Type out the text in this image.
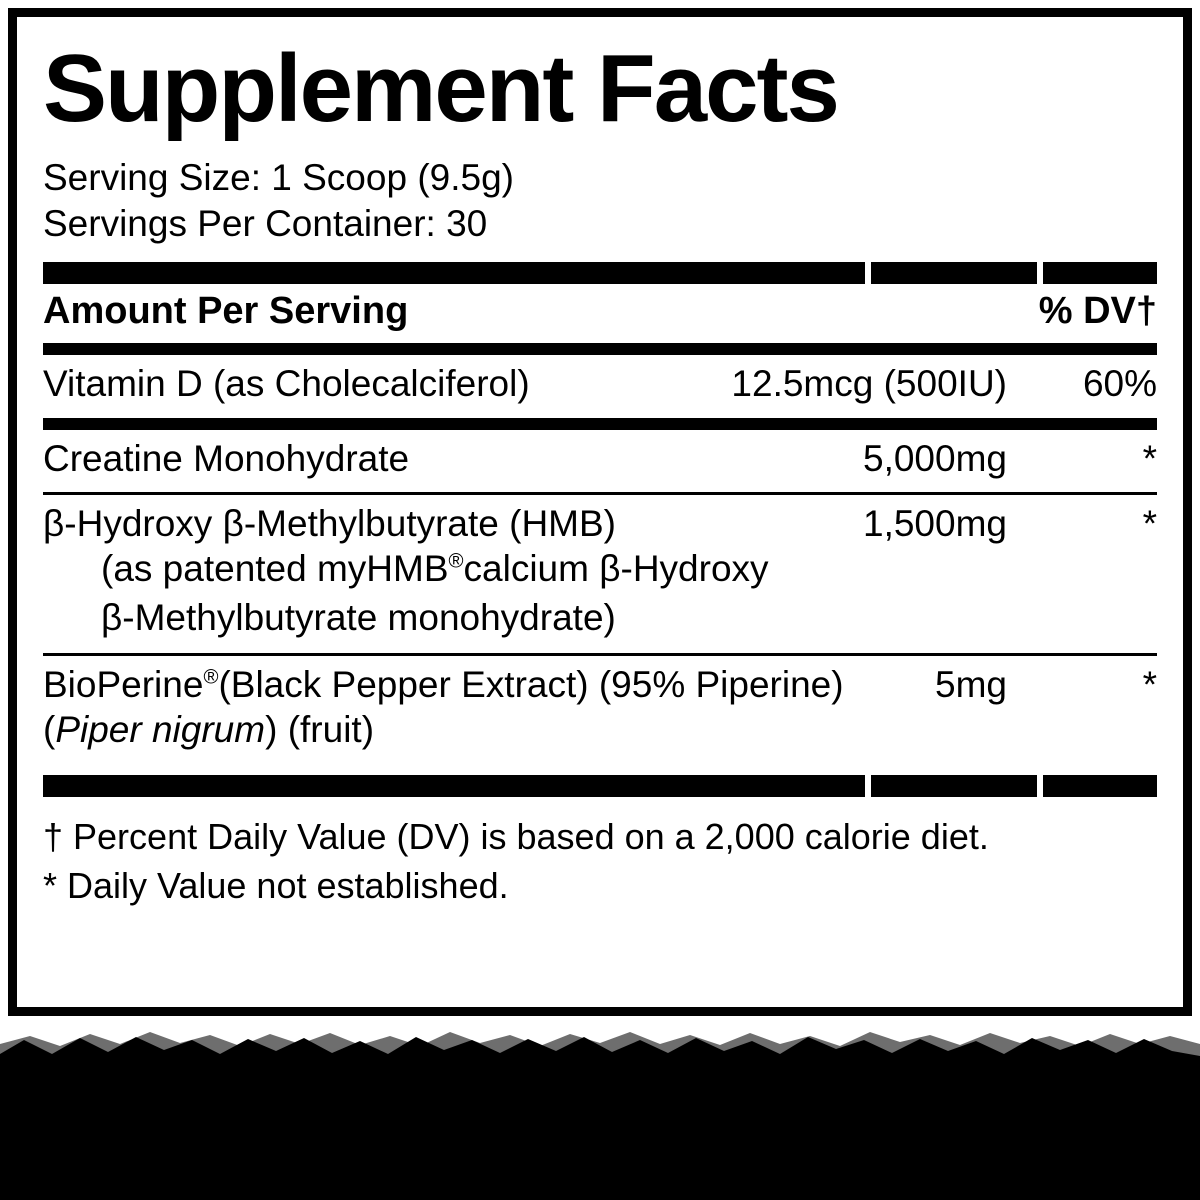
Supplement Facts
Serving Size: 1 Scoop (9.5g)
Servings Per Container: 30
Amount Per Serving	% DV†
Vitamin D (as Cholecalciferol)	12.5mcg (500IU)	60%
Creatine Monohydrate	5,000mg	*
β-Hydroxy β-Methylbutyrate (HMB)	1,500mg	*
(as patented myHMB®calcium β-Hydroxy
β-Methylbutyrate monohydrate)
BioPerine®(Black Pepper Extract) (95% Piperine) 5mg	*
(Piper nigrum) (fruit)
† Percent Daily Value (DV) is based on a 2,000 calorie diet.
* Daily Value not established.
